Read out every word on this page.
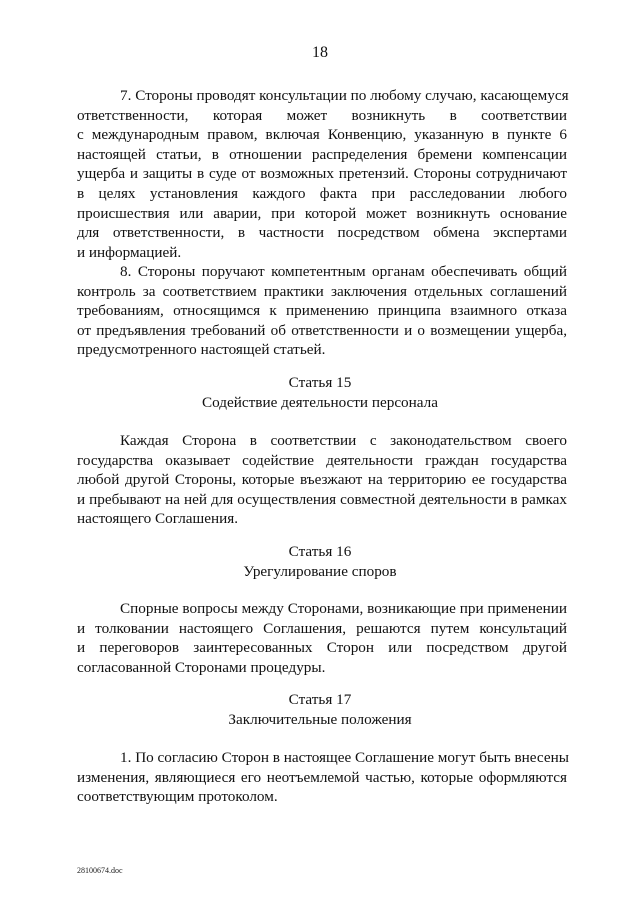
18
7. Стороны проводят консультации по любому случаю, касающемуся
ответственности, которая может возникнуть в соответствии
с международным правом, включая Конвенцию, указанную в пункте 6
настоящей статьи, в отношении распределения бремени компенсации
ущерба и защиты в суде от возможных претензий. Стороны сотрудничают
в целях установления каждого факта при расследовании любого
происшествия или аварии, при которой может возникнуть основание
для ответственности, в частности посредством обмена экспертами
и информацией.
8. Стороны поручают компетентным органам обеспечивать общий
контроль за соответствием практики заключения отдельных соглашений
требованиям, относящимся к применению принципа взаимного отказа
от предъявления требований об ответственности и о возмещении ущерба,
предусмотренного настоящей статьей.
Статья 15
Содействие деятельности персонала
Каждая Сторона в соответствии с законодательством своего
государства оказывает содействие деятельности граждан государства
любой другой Стороны, которые въезжают на территорию ее государства
и пребывают на ней для осуществления совместной деятельности в рамках
настоящего Соглашения.
Статья 16
Урегулирование споров
Спорные вопросы между Сторонами, возникающие при применении
и толковании настоящего Соглашения, решаются путем консультаций
и переговоров заинтересованных Сторон или посредством другой
согласованной Сторонами процедуры.
Статья 17
Заключительные положения
1. По согласию Сторон в настоящее Соглашение могут быть внесены
изменения, являющиеся его неотъемлемой частью, которые оформляются
соответствующим протоколом.
28100674.doc
